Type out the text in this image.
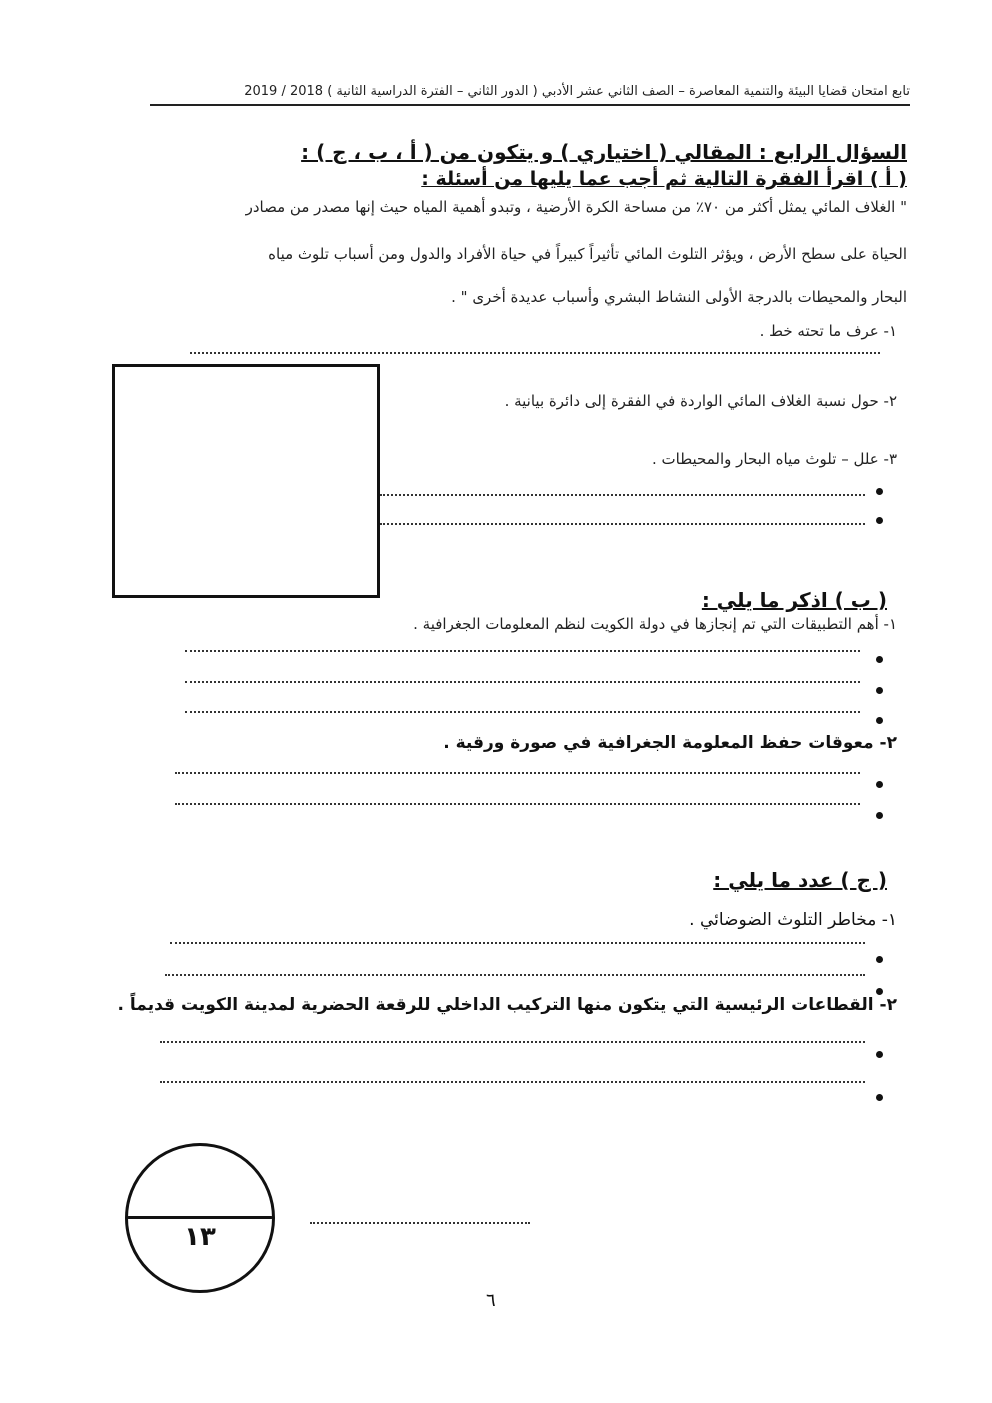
تابع امتحان قضايا البيئة والتنمية المعاصرة – الصف الثاني عشر الأدبي ( الدور الثاني – الفترة الدراسية الثانية ) 2018 / 2019
السؤال الرابع : المقالي ( اختياري ) و يتكون من ( أ ، ب ، ج ) :
( أ ) اقرأ الفقرة التالية ثم أجب عما يليها من أسئلة :
" الغلاف المائي يمثل أكثر من ٧٠٪ من مساحة الكرة الأرضية ، وتبدو أهمية المياه حيث إنها مصدر من مصادر
الحياة على سطح الأرض ، ويؤثر التلوث المائي تأثيراً كبيراً في حياة الأفراد والدول ومن أسباب تلوث مياه
البحار والمحيطات بالدرجة الأولى النشاط البشري وأسباب عديدة أخرى " .
١- عرف ما تحته خط .
٢- حول نسبة الغلاف المائي الواردة في الفقرة إلى دائرة بيانية .
٣- علل – تلوث مياه البحار والمحيطات .
( ب ) اذكر ما يلي :
١- أهم التطبيقات التي تم إنجازها في دولة الكويت لنظم المعلومات الجغرافية .
٢- معوقات حفظ المعلومة الجغرافية في صورة ورقية .
( ج ) عدد ما يلي :
١- مخاطر التلوث الضوضائي .
٢- القطاعات الرئيسية التي يتكون منها التركيب الداخلي للرقعة الحضرية لمدينة الكويت قديماً .
١٣
٦
